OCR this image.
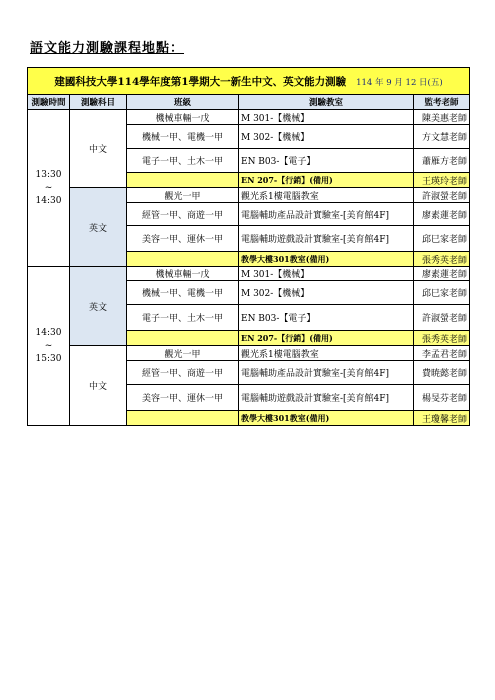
語文能力測驗課程地點：
建國科技大學114學年度第1學期大一新生中文、英文能力測驗 114 年 9 月 12 日(五)				
測驗時間	測驗科目	班級	測驗教室	監考老師

13:30
~
14:30	中文	機械車輛一戊	M 301-【機械】	陳美惠老師
		機械一甲、電機一甲	M 302-【機械】	方文慧老師
		電子一甲、土木一甲	EN B03-【電子】	蕭雁方老師
			EN 207-【行銷】(備用)	王瑛玲老師
	英文	觀光一甲	觀光系1樓電腦教室	許淑螢老師
		經管一甲、商遊一甲	電腦輔助產品設計實驗室-[美育館4F]	廖素蓮老師
		美容一甲、運休一甲	電腦輔助遊戲設計實驗室-[美育館4F]	邱巳家老師
			教學大樓301教室(備用)	張秀英老師

14:30
~
15:30	英文	機械車輛一戊	M 301-【機械】	廖素蓮老師
		機械一甲、電機一甲	M 302-【機械】	邱巳家老師
		電子一甲、土木一甲	EN B03-【電子】	許淑螢老師
			EN 207-【行銷】(備用)	張秀英老師
	中文	觀光一甲	觀光系1樓電腦教室	李孟君老師
		經管一甲、商遊一甲	電腦輔助產品設計實驗室-[美育館4F]	費暁懿老師
		美容一甲、運休一甲	電腦輔助遊戲設計實驗室-[美育館4F]	楊旻芬老師
			教學大樓301教室(備用)	王瓊馨老師
